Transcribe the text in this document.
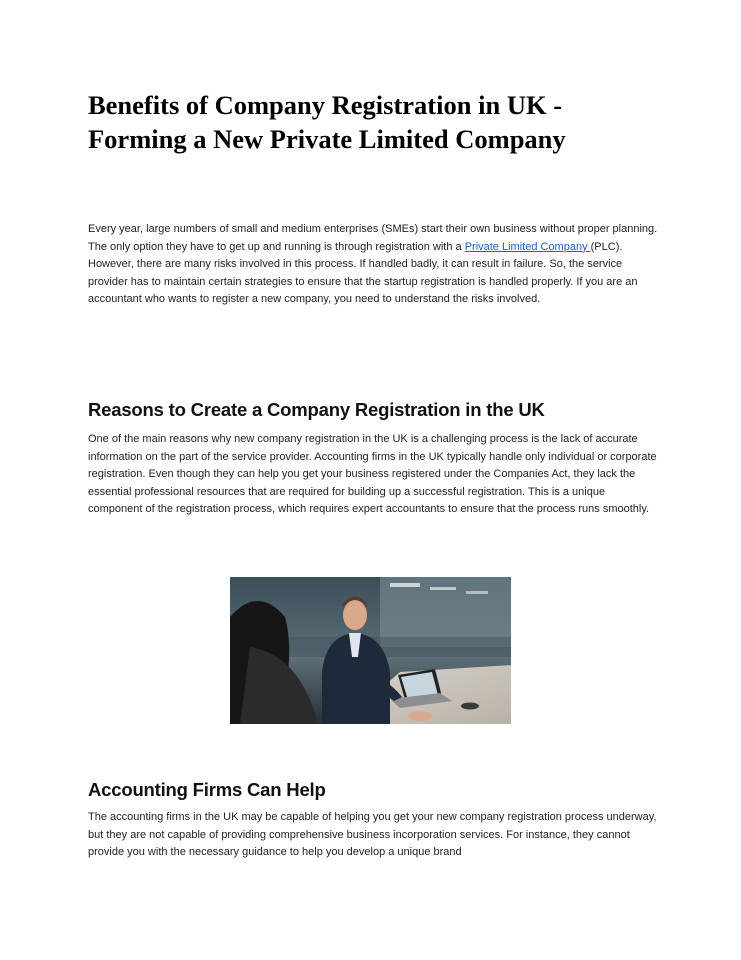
Benefits of Company Registration in UK - Forming a New Private Limited Company

Every year, large numbers of small and medium enterprises (SMEs) start their own business without proper planning. The only option they have to get up and running is through registration with a Private Limited Company (PLC). However, there are many risks involved in this process. If handled badly, it can result in failure. So, the service provider has to maintain certain strategies to ensure that the startup registration is handled properly. If you are an accountant who wants to register a new company, you need to understand the risks involved.

Reasons to Create a Company Registration in the UK

One of the main reasons why new company registration in the UK is a challenging process is the lack of accurate information on the part of the service provider. Accounting firms in the UK typically handle only individual or corporate registration. Even though they can help you get your business registered under the Companies Act, they lack the essential professional resources that are required for building up a successful registration. This is a unique component of the registration process, which requires expert accountants to ensure that the process runs smoothly.

Accounting Firms Can Help

The accounting firms in the UK may be capable of helping you get your new company registration process underway, but they are not capable of providing comprehensive business incorporation services. For instance, they cannot provide you with the necessary guidance to help you develop a unique brand
